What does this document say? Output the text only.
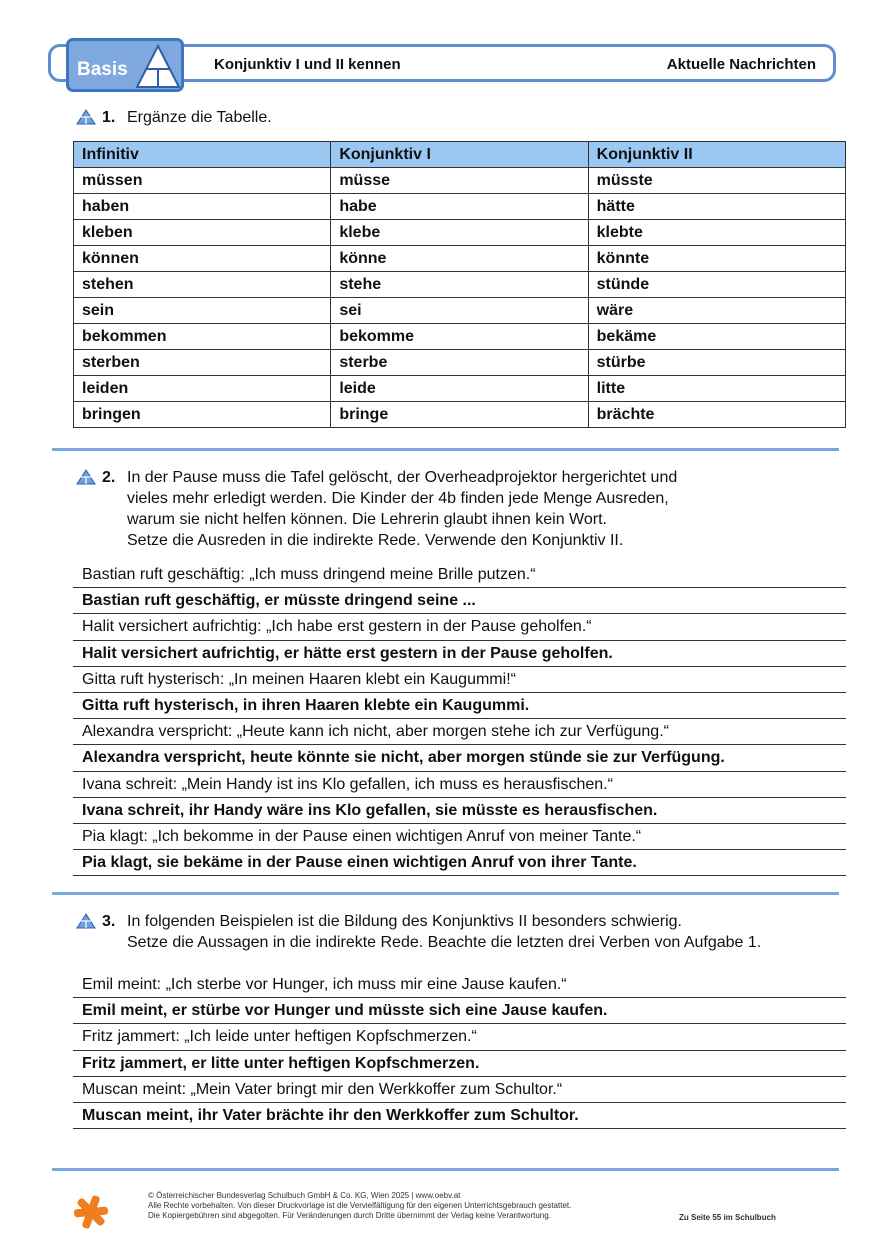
Basis	Konjunktiv I und II kennen	Aktuelle Nachrichten
1. Ergänze die Tabelle.
Infinitiv	Konjunktiv I	Konjunktiv II
müssen	müsse	müsste
haben	habe	hätte
kleben	klebe	klebte
können	könne	könnte
stehen	stehe	stünde
sein	sei	wäre
bekommen	bekomme	bekäme
sterben	sterbe	stürbe
leiden	leide	litte
bringen	bringe	brächte
2. In der Pause muss die Tafel gelöscht, der Overheadprojektor hergerichtet und
vieles mehr erledigt werden. Die Kinder der 4b finden jede Menge Ausreden,
warum sie nicht helfen können. Die Lehrerin glaubt ihnen kein Wort.
Setze die Ausreden in die indirekte Rede. Verwende den Konjunktiv II.
Bastian ruft geschäftig: „Ich muss dringend meine Brille putzen.“
Bastian ruft geschäftig, er müsste dringend seine ...
Halit versichert aufrichtig: „Ich habe erst gestern in der Pause geholfen.“
Halit versichert aufrichtig, er hätte erst gestern in der Pause geholfen.
Gitta ruft hysterisch: „In meinen Haaren klebt ein Kaugummi!“
Gitta ruft hysterisch, in ihren Haaren klebte ein Kaugummi.
Alexandra verspricht: „Heute kann ich nicht, aber morgen stehe ich zur Verfügung.“
Alexandra verspricht, heute könnte sie nicht, aber morgen stünde sie zur Verfügung.
Ivana schreit: „Mein Handy ist ins Klo gefallen, ich muss es herausfischen.“
Ivana schreit, ihr Handy wäre ins Klo gefallen, sie müsste es herausfischen.
Pia klagt: „Ich bekomme in der Pause einen wichtigen Anruf von meiner Tante.“
Pia klagt, sie bekäme in der Pause einen wichtigen Anruf von ihrer Tante.
3. In folgenden Beispielen ist die Bildung des Konjunktivs II besonders schwierig.
Setze die Aussagen in die indirekte Rede. Beachte die letzten drei Verben von Aufgabe 1.
Emil meint: „Ich sterbe vor Hunger, ich muss mir eine Jause kaufen.“
Emil meint, er stürbe vor Hunger und müsste sich eine Jause kaufen.
Fritz jammert: „Ich leide unter heftigen Kopfschmerzen.“
Fritz jammert, er litte unter heftigen Kopfschmerzen.
Muscan meint: „Mein Vater bringt mir den Werkkoffer zum Schultor.“
Muscan meint, ihr Vater brächte ihr den Werkkoffer zum Schultor.
© Österreichischer Bundesverlag Schulbuch GmbH & Co. KG, Wien 2025 | www.oebv.at
Alle Rechte vorbehalten. Von dieser Druckvorlage ist die Vervielfältigung für den eigenen Unterrichtsgebrauch gestattet.
Die Kopiergebühren sind abgegolten. Für Veränderungen durch Dritte übernimmt der Verlag keine Verantwortung.	Zu Seite 55 im Schulbuch
